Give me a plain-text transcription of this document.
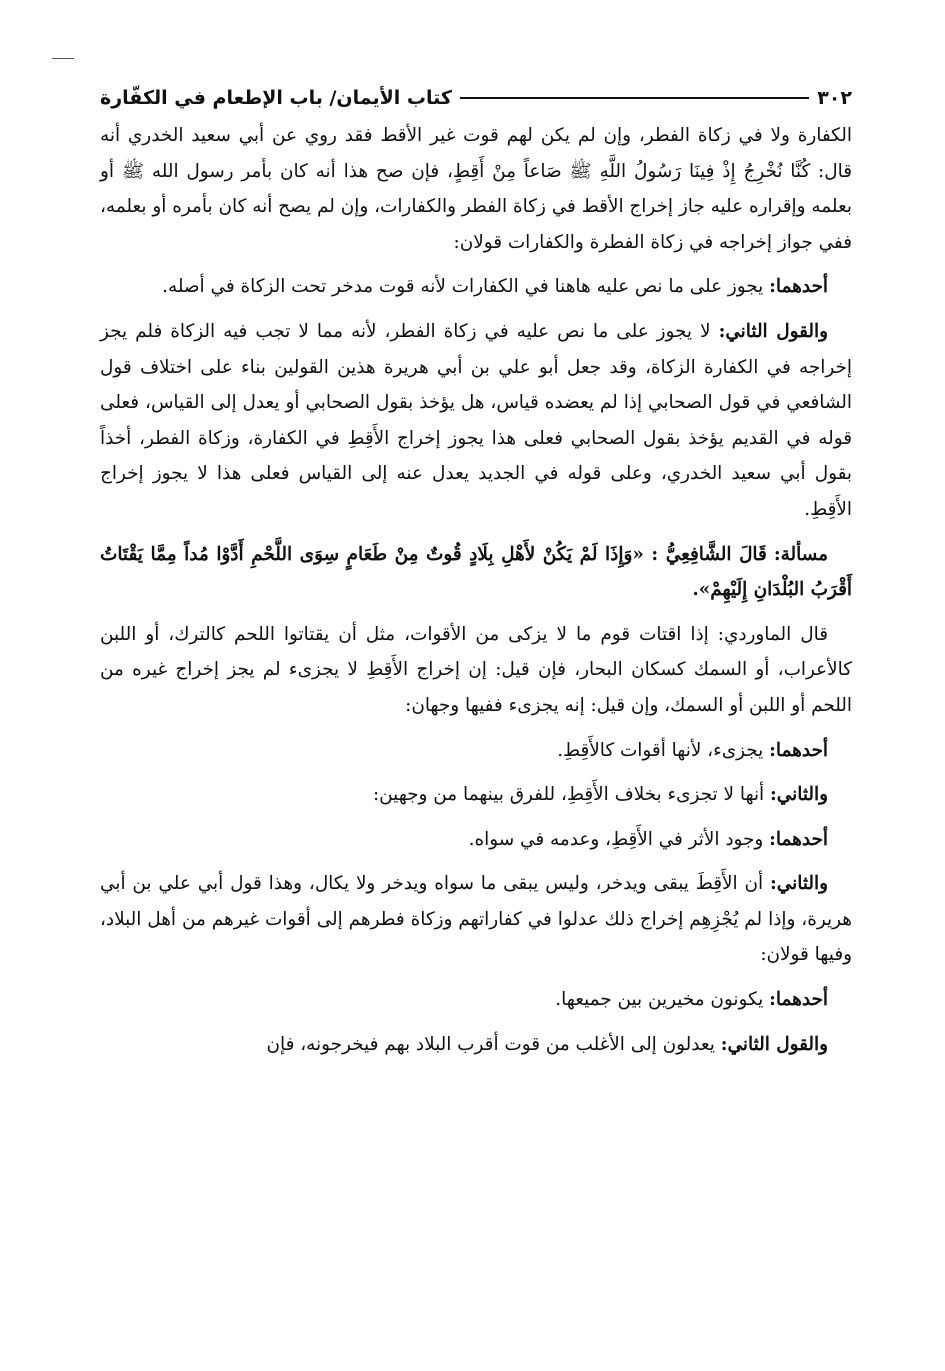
٣٠٢
كتاب الأيمان/ باب الإطعام في الكفّارة

الكفارة ولا في زكاة الفطر، وإن لم يكن لهم قوت غير الأقط فقد روي عن أبي سعيد الخدري أنه قال: كُنَّا نُخْرِجُ إِذْ فِينَا رَسُولُ اللَّهِ ﷺ صَاعاً مِنْ أَقِطٍ، فإن صح هذا أنه كان بأمر رسول الله ﷺ أو بعلمه وإقراره عليه جاز إخراج الأقط في زكاة الفطر والكفارات، وإن لم يصح أنه كان بأمره أو بعلمه، ففي جواز إخراجه في زكاة الفطرة والكفارات قولان:

أحدهما: يجوز على ما نص عليه هاهنا في الكفارات لأنه قوت مدخر تحت الزكاة في أصله.

والقول الثاني: لا يجوز على ما نص عليه في زكاة الفطر، لأنه مما لا تجب فيه الزكاة فلم يجز إخراجه في الكفارة الزكاة، وقد جعل أبو علي بن أبي هريرة هذين القولين بناء على اختلاف قول الشافعي في قول الصحابي إذا لم يعضده قياس، هل يؤخذ بقول الصحابي أو يعدل إلى القياس، فعلى قوله في القديم يؤخذ بقول الصحابي فعلى هذا يجوز إخراج الأَقِطِ في الكفارة، وزكاة الفطر، أخذاً بقول أبي سعيد الخدري، وعلى قوله في الجديد يعدل عنه إلى القياس فعلى هذا لا يجوز إخراج الأَقِطِ.

مسألة: قَالَ الشَّافِعِيُّ : «وَإِذَا لَمْ يَكُنْ لأَهْلِ بِلَادٍ قُوتٌ مِنْ طَعَامٍ سِوَى اللَّحْمِ أَدَّوْا مُداً مِمَّا يَقْتَاتُ أَقْرَبُ البُلْدَانِ إِلَيْهِمْ».

قال الماوردي: إذا اقتات قوم ما لا يزكى من الأقوات، مثل أن يقتاتوا اللحم كالترك، أو اللبن كالأعراب، أو السمك كسكان البحار، فإن قيل: إن إخراج الأَقِطِ لا يجزىء لم يجز إخراج غيره من اللحم أو اللبن أو السمك، وإن قيل: إنه يجزىء ففيها وجهان:

أحدهما: يجزىء، لأنها أقوات كالأَقِطِ.

والثاني: أنها لا تجزىء بخلاف الأَقِطِ، للفرق بينهما من وجهين:

أحدهما: وجود الأثر في الأَقِطِ، وعدمه في سواه.

والثاني: أن الأَقِطَ يبقى ويدخر، وليس يبقى ما سواه ويدخر ولا يكال، وهذا قول أبي علي بن أبي هريرة، وإذا لم يُجْزِهِم إخراج ذلك عدلوا في كفاراتهم وزكاة فطرهم إلى أقوات غيرهم من أهل البلاد، وفيها قولان:

أحدهما: يكونون مخيرين بين جميعها.

والقول الثاني: يعدلون إلى الأغلب من قوت أقرب البلاد بهم فيخرجونه، فإن
